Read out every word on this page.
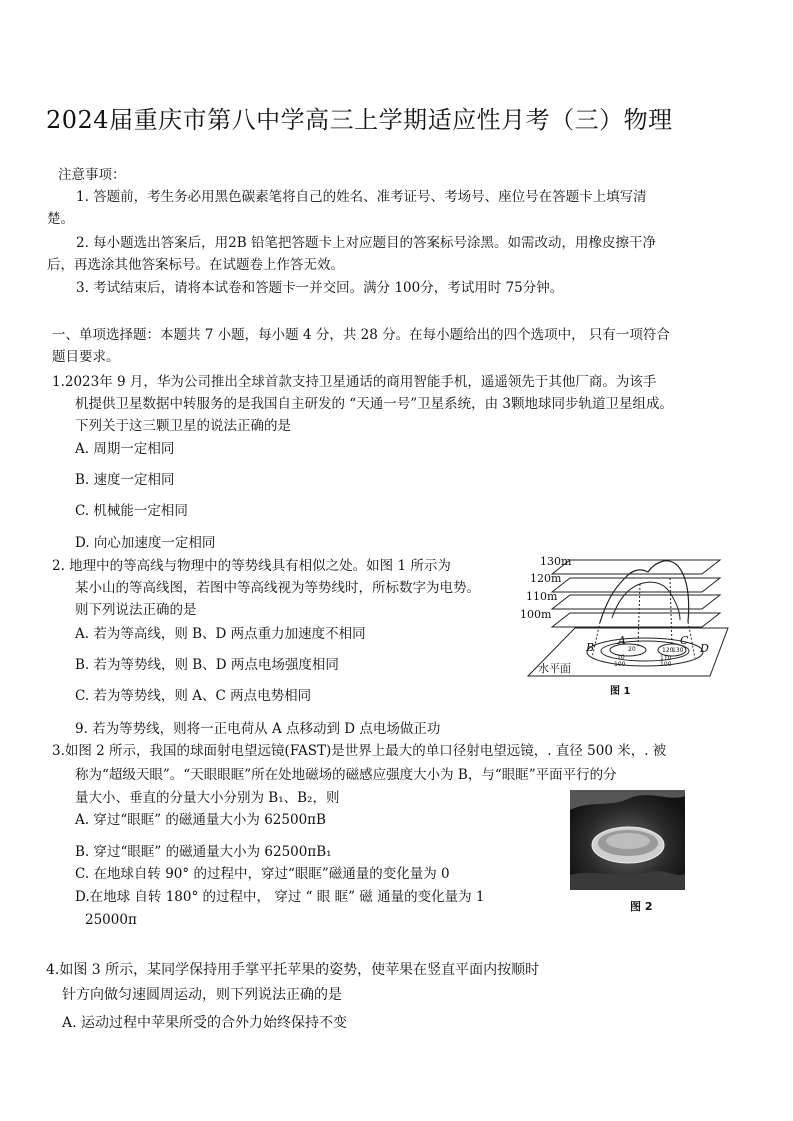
2024届重庆市第八中学高三上学期适应性月考（三）物理
注意事项：
1. 答题前，考生务必用黑色碳素笔将自己的姓名、准考证号、考场号、座位号在答题卡上填写清
楚。
2. 每小题选出答案后，用2B 铅笔把答题卡上对应题目的答案标号涂黑。如需改动，用橡皮擦干净
后，再选涂其他答案标号。在试题卷上作答无效。
3. 考试结束后，请将本试卷和答题卡一并交回。满分 100分，考试用时 75分钟。
一、单项选择题：本题共 7 小题，每小题 4 分，共 28 分。在每小题给出的四个选项中， 只有一项符合
题目要求。
1.2023年 9 月，华为公司推出全球首款支持卫星通话的商用智能手机，遥遥领先于其他厂商。为该手
机提供卫星数据中转服务的是我国自主研发的 “天通一号”卫星系统，由 3颗地球同步轨道卫星组成。
下列关于这三颗卫星的说法正确的是
A. 周期一定相同
B. 速度一定相同
C. 机械能一定相同
D. 向心加速度一定相同
2. 地理中的等高线与物理中的等势线具有相似之处。如图 1 所示为
某小山的等高线图，若图中等高线视为等势线时，所标数字为电势。
则下列说法正确的是
A. 若为等高线，则 B、D 两点重力加速度不相同
B. 若为等势线，则 B、D 两点电场强度相同
C. 若为等势线，则 A、C 两点电势相同
9. 若为等势线，则将一正电荷从 A 点移动到 D 点电场做正功
130m
120m
110m
100m
B
A	C
D
20
10
100
120
130
110
100
水平面
图 1
3.如图 2 所示，我国的球面射电望远镜(FAST)是世界上最大的单口径射电望远镜，. 直径 500 米，. 被
称为“超级天眼”。“天眼眼眶”所在处地磁场的磁感应强度大小为 B，与“眼眶”平面平行的分
量大小、垂直的分量大小分别为 B₁、B₂，则
A. 穿过“眼眶” 的磁通量大小为 62500πB
B. 穿过“眼眶” 的磁通量大小为 62500πB₁
C. 在地球自转 90° 的过程中，穿过“眼眶”磁通量的变化量为 0
D.在地球 自转 180° 的过程中， 穿过 “ 眼 眶” 磁 通量的变化量为 1
25000π
图 2
4.如图 3 所示，某同学保持用手掌平托苹果的姿势，使苹果在竖直平面内按顺时
针方向做匀速圆周运动，则下列说法正确的是
A. 运动过程中苹果所受的合外力始终保持不变
